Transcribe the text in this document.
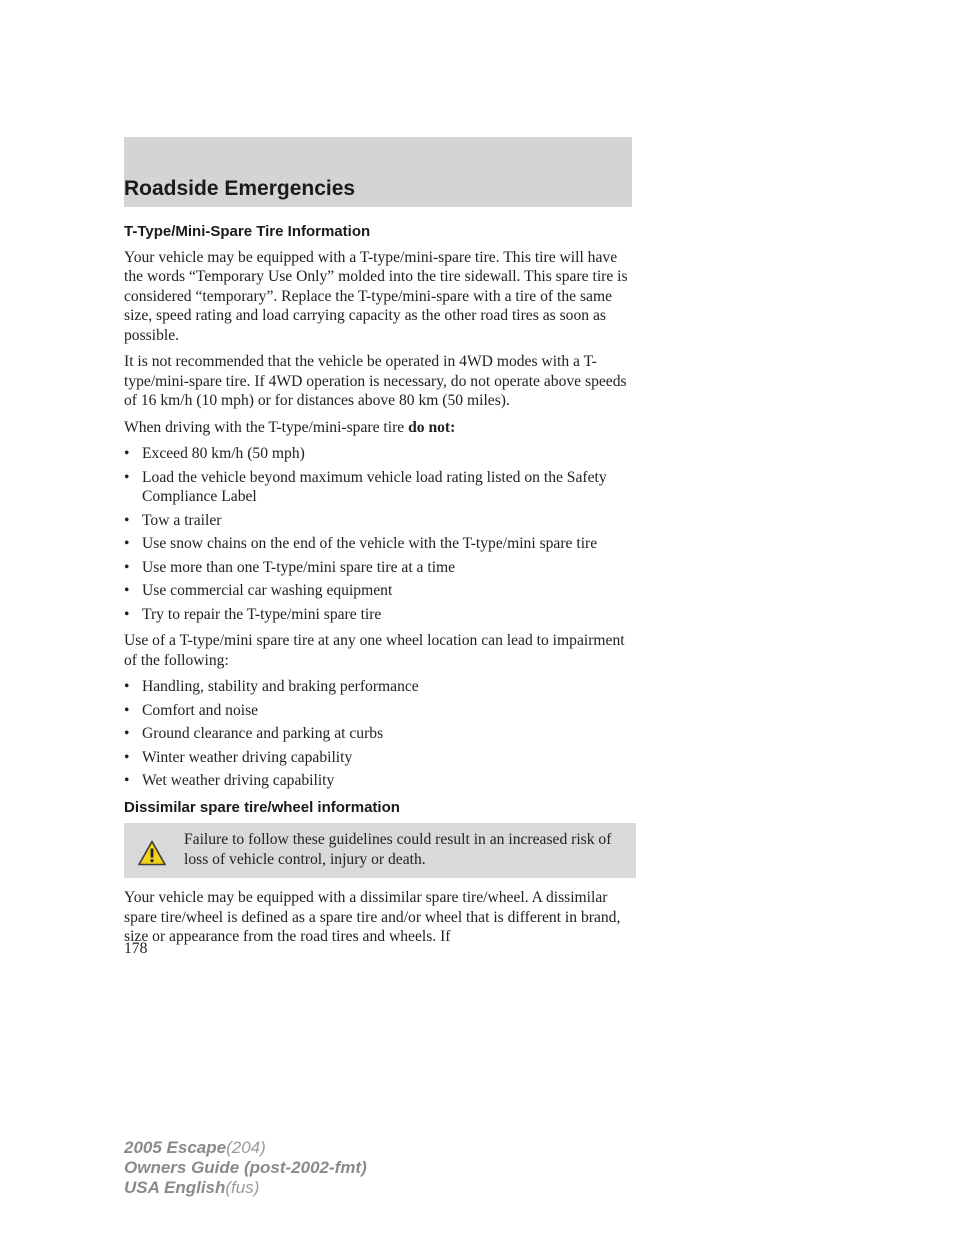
Roadside Emergencies
T-Type/Mini-Spare Tire Information

Your vehicle may be equipped with a T-type/mini-spare tire. This tire will have the words “Temporary Use Only” molded into the tire sidewall. This spare tire is considered “temporary”. Replace the T-type/mini-spare with a tire of the same size, speed rating and load carrying capacity as the other road tires as soon as possible.

It is not recommended that the vehicle be operated in 4WD modes with a T-type/mini-spare tire. If 4WD operation is necessary, do not operate above speeds of 16 km/h (10 mph) or for distances above 80 km (50 miles).

When driving with the T-type/mini-spare tire do not:

• Exceed 80 km/h (50 mph)
• Load the vehicle beyond maximum vehicle load rating listed on the Safety Compliance Label
• Tow a trailer
• Use snow chains on the end of the vehicle with the T-type/mini spare tire
• Use more than one T-type/mini spare tire at a time
• Use commercial car washing equipment
• Try to repair the T-type/mini spare tire

Use of a T-type/mini spare tire at any one wheel location can lead to impairment of the following:

• Handling, stability and braking performance
• Comfort and noise
• Ground clearance and parking at curbs
• Winter weather driving capability
• Wet weather driving capability
Dissimilar spare tire/wheel information
Failure to follow these guidelines could result in an increased risk of loss of vehicle control, injury or death.

Your vehicle may be equipped with a dissimilar spare tire/wheel. A dissimilar spare tire/wheel is defined as a spare tire and/or wheel that is different in brand, size or appearance from the road tires and wheels. If

178
2005 Escape(204)
Owners Guide (post-2002-fmt)
USA English(fus)
